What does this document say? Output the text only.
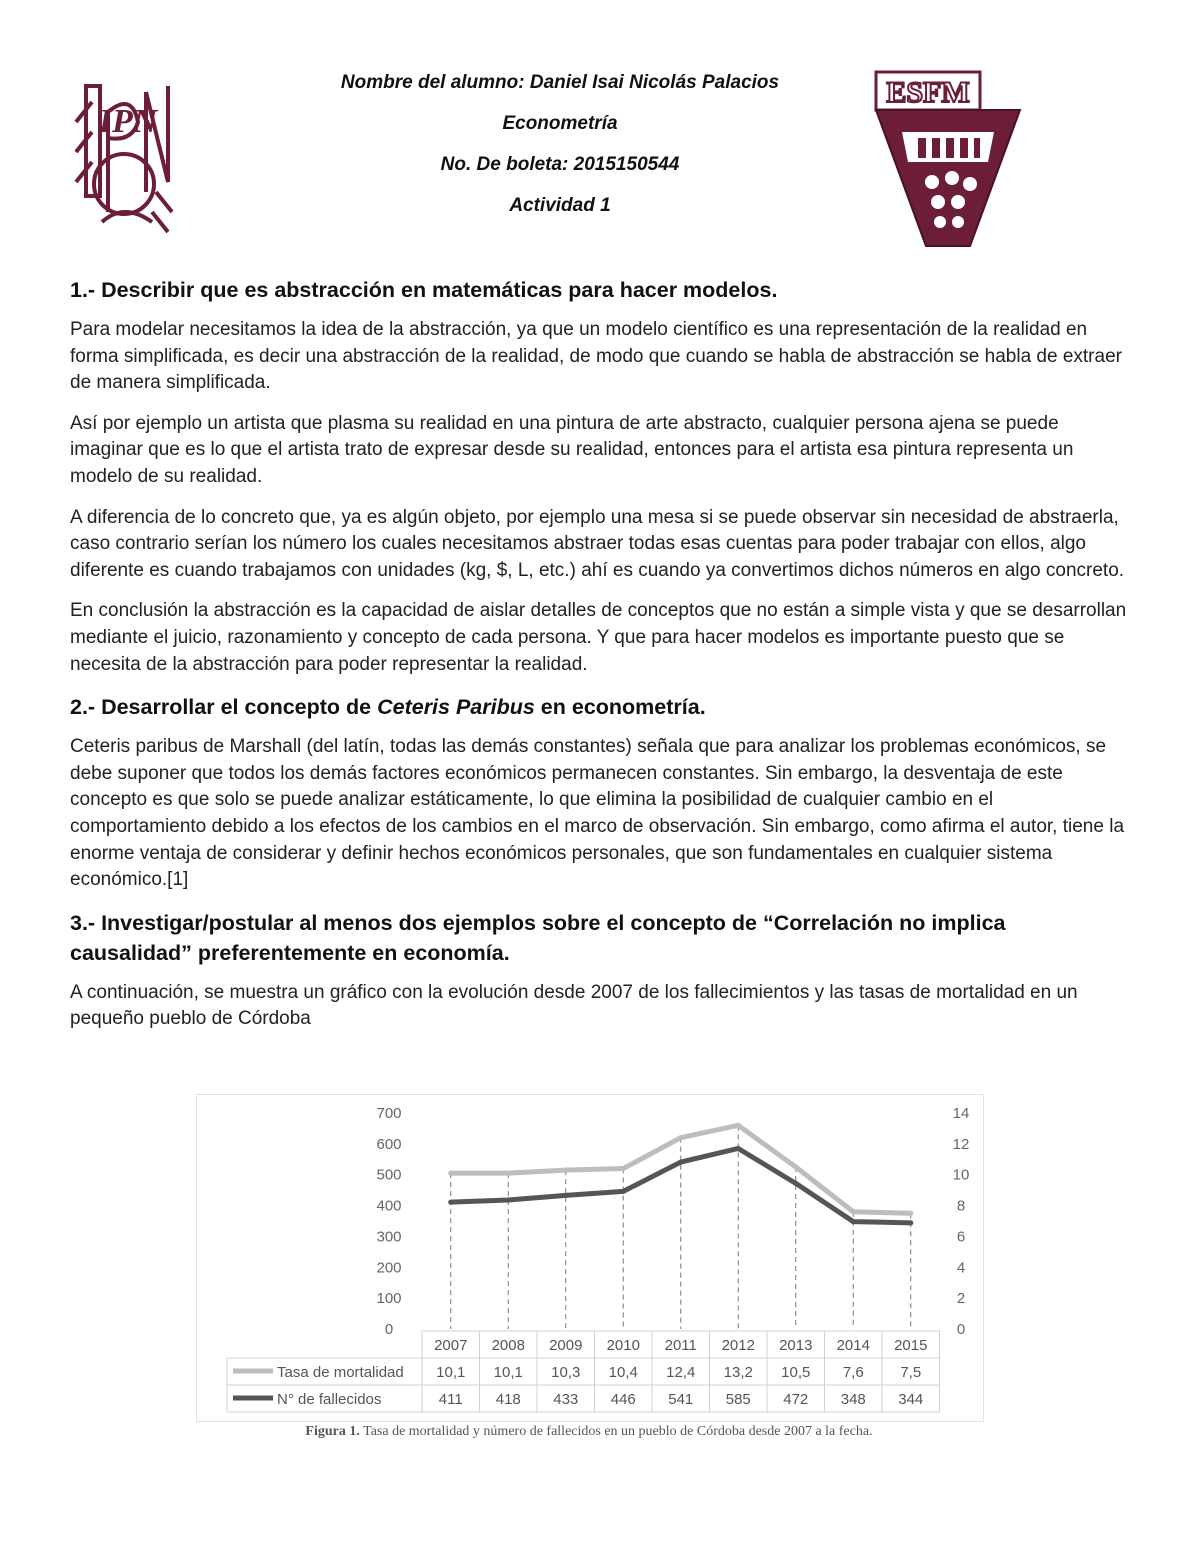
IPN
Nombre del alumno: Daniel Isai Nicolás Palacios
Econometría
No. De boleta: 2015150544
Actividad 1
ESFM
1.- Describir que es abstracción en matemáticas para hacer modelos.

Para modelar necesitamos la idea de la abstracción, ya que un modelo científico es una representación de la realidad en forma simplificada, es decir una abstracción de la realidad, de modo que cuando se habla de abstracción se habla de extraer de manera simplificada.

Así por ejemplo un artista que plasma su realidad en una pintura de arte abstracto, cualquier persona ajena se puede imaginar que es lo que el artista trato de expresar desde su realidad, entonces para el artista esa pintura representa un modelo de su realidad.

A diferencia de lo concreto que, ya es algún objeto, por ejemplo una mesa si se puede observar sin necesidad de abstraerla, caso contrario serían los número los cuales necesitamos abstraer todas esas cuentas para poder trabajar con ellos, algo diferente es cuando trabajamos con unidades (kg, $, L, etc.) ahí es cuando ya convertimos dichos números en algo concreto.

En conclusión la abstracción es la capacidad de aislar detalles de conceptos que no están a simple vista y que se desarrollan mediante el juicio, razonamiento y concepto de cada persona. Y que para hacer modelos es importante puesto que se necesita de la abstracción para poder representar la realidad.

2.- Desarrollar el concepto de Ceteris Paribus en econometría.

Ceteris paribus de Marshall (del latín, todas las demás constantes) señala que para analizar los problemas económicos, se debe suponer que todos los demás factores económicos permanecen constantes. Sin embargo, la desventaja de este concepto es que solo se puede analizar estáticamente, lo que elimina la posibilidad de cualquier cambio en el comportamiento debido a los efectos de los cambios en el marco de observación. Sin embargo, como afirma el autor, tiene la enorme ventaja de considerar y definir hechos económicos personales, que son fundamentales en cualquier sistema económico.[1]

3.- Investigar/postular al menos dos ejemplos sobre el concepto de “Correlación no implica causalidad” preferentemente en economía.

A continuación, se muestra un gráfico con la evolución desde 2007 de los fallecimientos y las tasas de mortalidad en un pequeño pueblo de Córdoba

0
100
200
300
400
500
600
700
0
2
4
6
8
10
12
14
2007 2008 2009 2010 2011 2012 2013 2014 2015
Tasa de mortalidad 10,1 10,1 10,3 10,4 12,4 13,2 10,5 7,6 7,5
N° de fallecidos	411 418 433 446 541 585 472 348 344
Figura 1. Tasa de mortalidad y número de fallecidos en un pueblo de Córdoba desde 2007 a la fecha.
